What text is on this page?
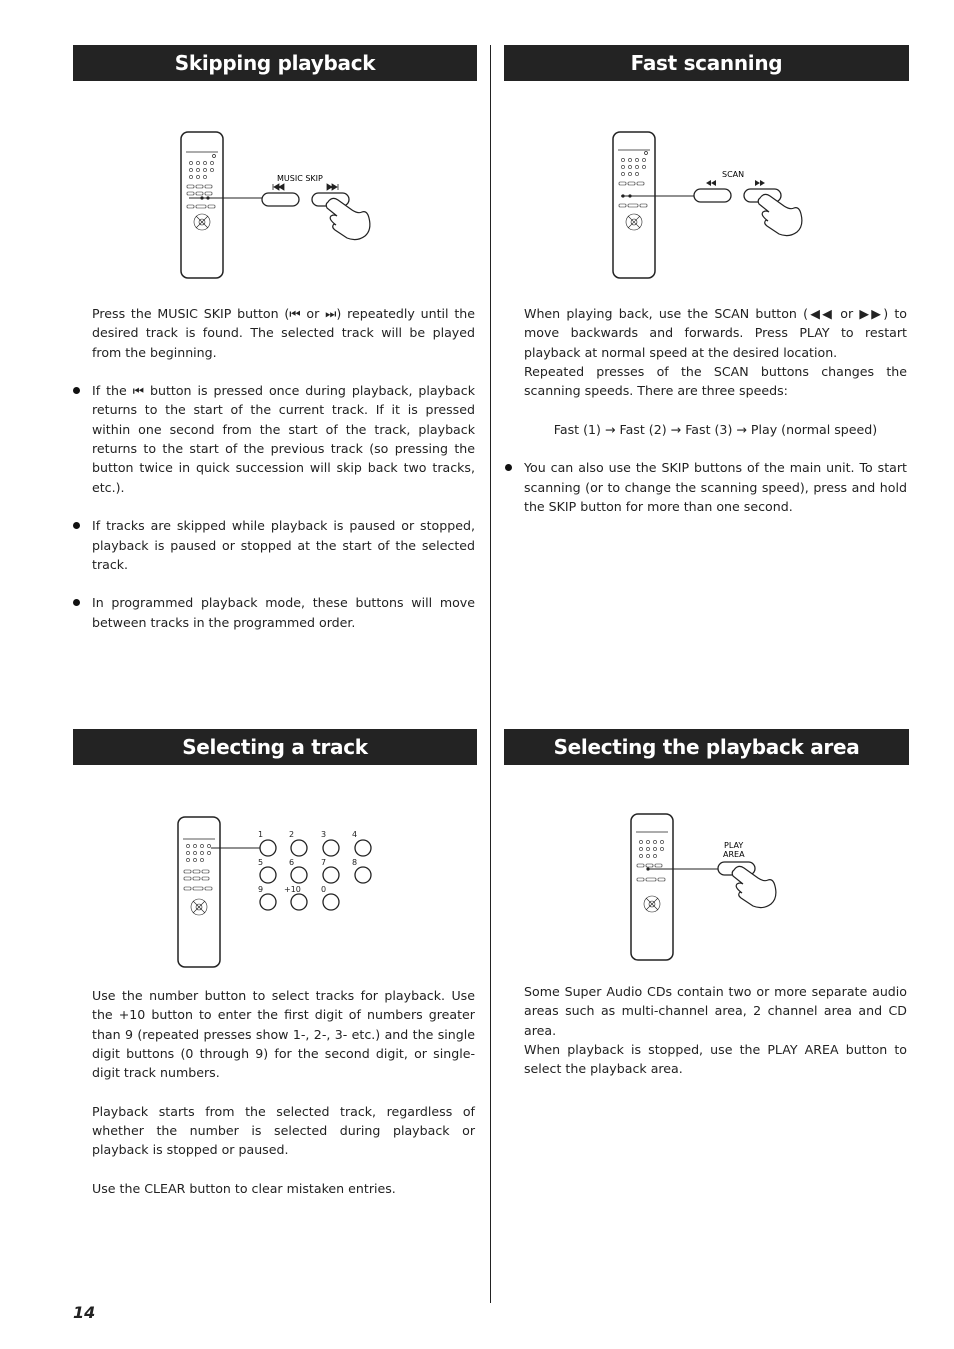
Skipping playback
MUSIC SKIP

Press the MUSIC SKIP button (⏮ or ⏭) repeatedly until the desired track is found. The selected track will be played from the beginning.

If the ⏮ button is pressed once during playback, playback returns to the start of the current track. If it is pressed within one second from the start of the track, playback returns to the start of the previous track (so pressing the button twice in quick succession will skip back two tracks, etc.).

If tracks are skipped while playback is paused or stopped, playback is paused or stopped at the start of the selected track.

In programmed playback mode, these buttons will move between tracks in the programmed order.

Fast scanning
SCAN

When playing back, use the SCAN button (◀◀ or ▶▶) to move backwards and forwards. Press PLAY to restart playback at normal speed at the desired location.

Repeated presses of the SCAN buttons changes the scanning speeds. There are three speeds:

Fast (1) → Fast (2) → Fast (3) → Play (normal speed)

You can also use the SKIP buttons of the main unit. To start scanning (or to change the scanning speed), press and hold the SKIP button for more than one second.

Selecting a track
1	2	3	4
5	6	7	8
9	+10	0

Use the number button to select tracks for playback. Use the +10 button to enter the first digit of numbers greater than 9 (repeated presses show 1-, 2-, 3- etc.) and the single digit buttons (0 through 9) for the second digit, or single-digit track numbers.

Playback starts from the selected track, regardless of whether the number is selected during playback or playback is stopped or paused.

Use the CLEAR button to clear mistaken entries.

Selecting the playback area
PLAY
AREA

Some Super Audio CDs contain two or more separate audio areas such as multi-channel area, 2 channel area and CD area.

When playback is stopped, use the PLAY AREA button to select the playback area.

14
